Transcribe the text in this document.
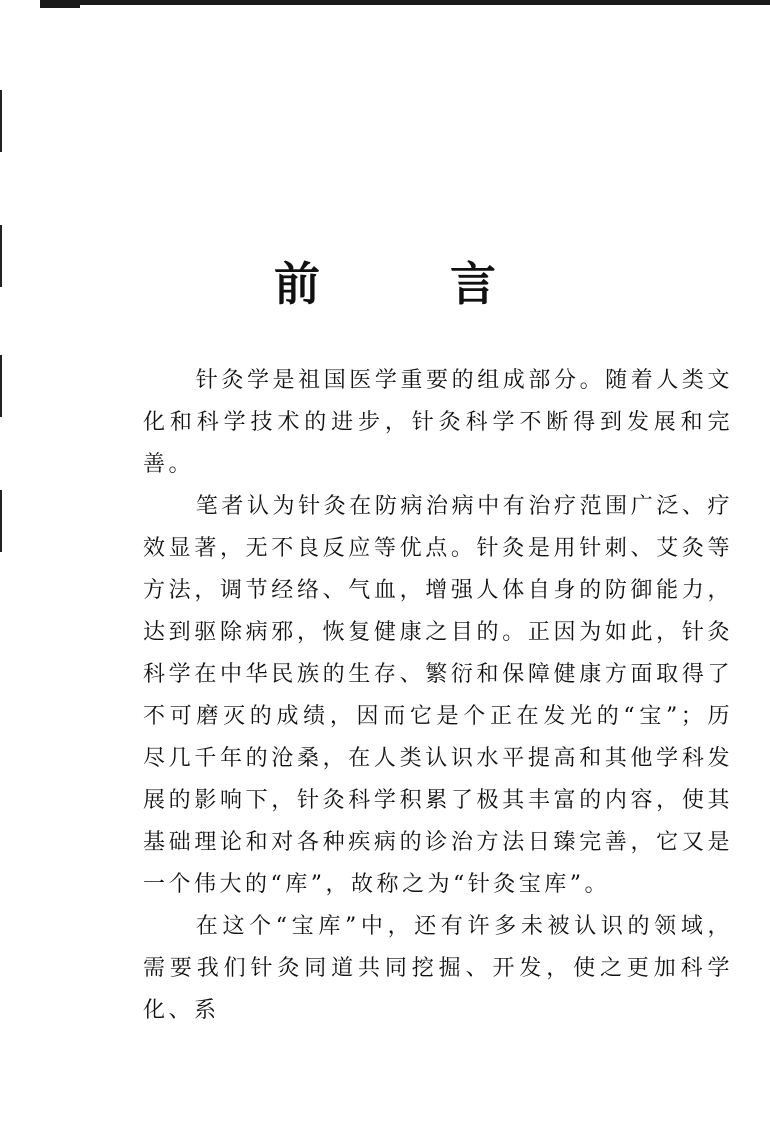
前	言

针灸学是祖国医学重要的组成部分。随着人类文化和科学技术的进步，针灸科学不断得到发展和完善。

笔者认为针灸在防病治病中有治疗范围广泛、疗效显著，无不良反应等优点。针灸是用针刺、艾灸等方法，调节经络、气血，增强人体自身的防御能力，达到驱除病邪，恢复健康之目的。正因为如此，针灸科学在中华民族的生存、繁衍和保障健康方面取得了不可磨灭的成绩，因而它是个正在发光的“宝”；历尽几千年的沧桑，在人类认识水平提高和其他学科发展的影响下，针灸科学积累了极其丰富的内容，使其基础理论和对各种疾病的诊治方法日臻完善，它又是一个伟大的“库”，故称之为“针灸宝库”。

在这个“宝库”中，还有许多未被认识的领域，需要我们针灸同道共同挖掘、开发，使之更加科学化、系
